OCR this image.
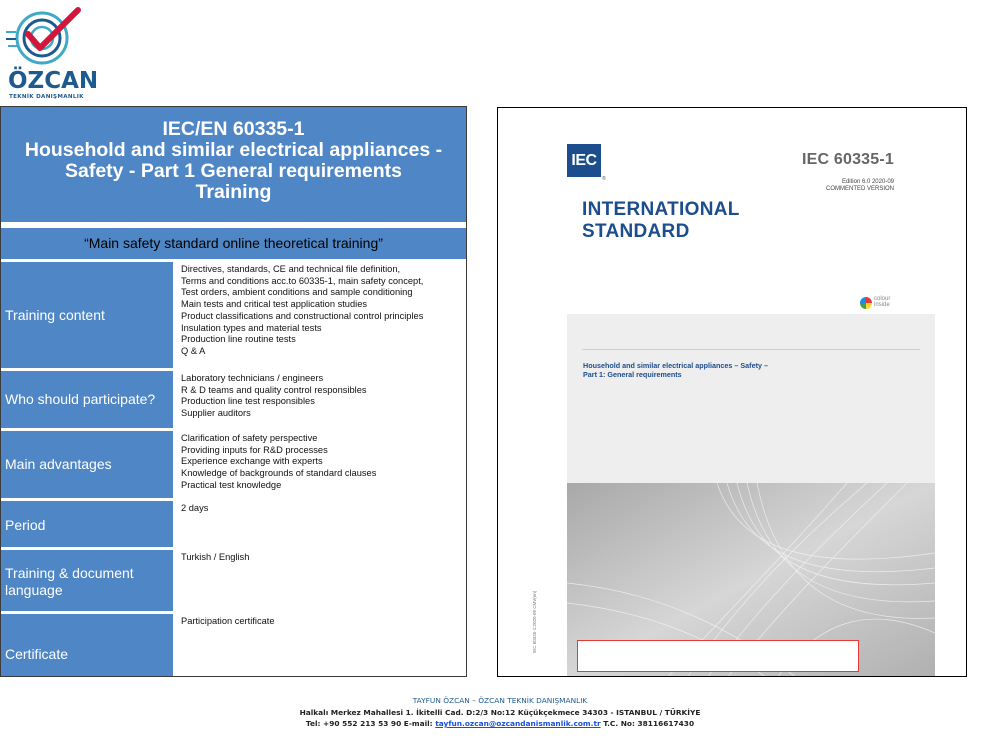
ÖZCAN
TEKNİK DANIŞMANLIK
IEC/EN 60335-1
Household and similar electrical appliances -
Safety - Part 1 General requirements
Training
“Main safety standard online theoretical training”
Training content
Directives, standards, CE and technical file definition,
Terms and conditions acc.to 60335-1, main safety concept,
Test orders, ambient conditions and sample conditioning
Main tests and critical test application studies
Product classifications and constructional control principles
Insulation types and material tests
Production line routine tests
Q & A
Who should participate?
Laboratory technicians / engineers
R & D teams and quality control responsibles
Production line test responsibles
Supplier auditors
Main advantages
Clarification of safety perspective
Providing inputs for R&D processes
Experience exchange with experts
Knowledge of backgrounds of standard clauses
Practical test knowledge
Period
2 days
Training & document language
Turkish / English
Certificate
Participation certificate
IEC
®
IEC 60335-1
Edition 6.0 2020-09
COMMENTED VERSION
INTERNATIONAL
STANDARD
colour
inside
Household and similar electrical appliances – Safety –
Part 1: General requirements
IEC 60335-1:2020-09 CMV(en)
TAYFUN ÖZCAN – ÖZCAN TEKNİK DANIŞMANLIK
Halkalı Merkez Mahallesi 1. İkitelli Cad. D:2/3 No:12 Küçükçekmece 34303 - ISTANBUL / TÜRKİYE
Tel: +90 552 213 53 90 E-mail: tayfun.ozcan@ozcandanismanlik.com.tr T.C. No: 38116617430
